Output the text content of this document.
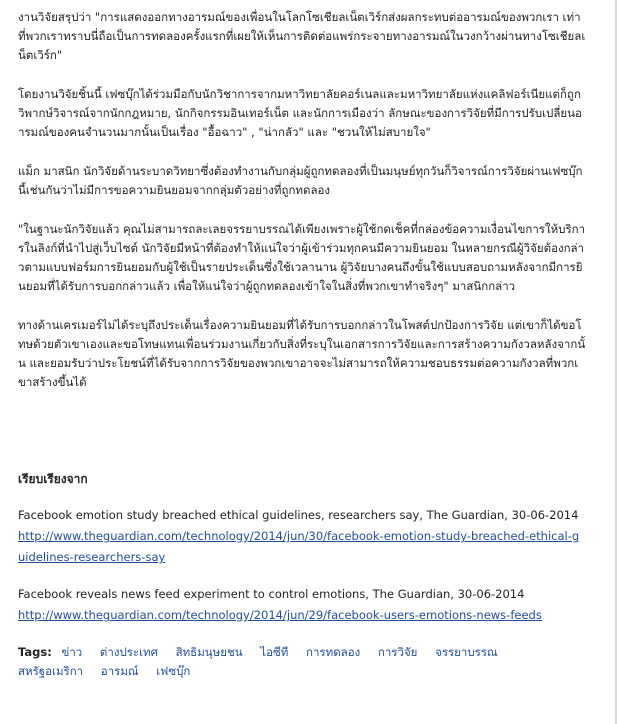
งานวิจัยสรุปว่า "การแสดงออกทางอารมณ์ของเพื่อนในโลกโซเชียลเน็ตเวิร์กส่งผลกระทบต่ออารมณ์ของพวกเรา เท่าที่พวกเราทราบนี่ถือเป็นการทดลองครั้งแรกที่เผยให้เห็นการติดต่อแพร่กระจายทางอารมณ์ในวงกว้างผ่านทางโซเชียลเน็ตเวิร์ก"

โดยงานวิจัยชิ้นนี้ เฟซบุ๊กได้ร่วมมือกับนักวิชาการจากมหาวิทยาลัยคอร์เนลและมหาวิทยาลัยแห่งแคลิฟอร์เนียแต่ก็ถูกวิพากษ์วิจารณ์จากนักกฎหมาย, นักกิจกรรมอินเทอร์เน็ต และนักการเมืองว่า ลักษณะของการวิจัยที่มีการปรับเปลี่ยนอารมณ์ของคนจำนวนมากนั้นเป็นเรื่อง "อื้อฉาว" , "น่ากลัว" และ "ชวนให้ไม่สบายใจ"

แม็ก มาสนิก นักวิจัยด้านระบาดวิทยาซึ่งต้องทำงานกับกลุ่มผู้ถูกทดลองที่เป็นมนุษย์ทุกวันก็วิจารณ์การวิจัยผ่านเฟซบุ๊กนี้เช่นกันว่าไม่มีการขอความยินยอมจากกลุ่มตัวอย่างที่ถูกทดลอง

"ในฐานะนักวิจัยแล้ว คุณไม่สามารถละเลยจรรยาบรรณได้เพียงเพราะผู้ใช้กดเช็คที่กล่องข้อความเงื่อนไขการให้บริการในลิงก์ที่นำไปสู่เว็บไซต์ นักวิจัยมีหน้าที่ต้องทำให้แน่ใจว่าผู้เข้าร่วมทุกคนมีความยินยอม ในหลายกรณีผู้วิจัยต้องกล่าวตามแบบฟอร์มการยินยอมกับผู้ใช้เป็นรายประเด็นซึ่งใช้เวลานาน ผู้วิจัยบางคนถึงขั้นใช้แบบสอบถามหลังจากมีการยินยอมที่ได้รับการบอกกล่าวแล้ว เพื่อให้แน่ใจว่าผู้ถูกทดลองเข้าใจในสิ่งที่พวกเขาทำจริงๆ" มาสนิกกล่าว

ทางด้านเครเมอร์ไม่ได้ระบุถึงประเด็นเรื่องความยินยอมที่ได้รับการบอกกล่าวในโพสต์ปกป้องการวิจัย แต่เขาก็ได้ขอโทษด้วยตัวเขาเองและขอโทษแทนเพื่อนร่วมงานเกี่ยวกับสิ่งที่ระบุในเอกสารการวิจัยและการสร้างความกังวลหลังจากนั้น และยอมรับว่าประโยชน์ที่ได้รับจากการวิจัยของพวกเขาอาจจะไม่สามารถให้ความชอบธรรมต่อความกังวลที่พวกเขาสร้างขึ้นได้

เรียบเรียงจาก
Facebook emotion study breached ethical guidelines, researchers say, The Guardian, 30-06-2014
http://www.theguardian.com/technology/2014/jun/30/facebook-emotion-study-breached-ethical-guidelines-researchers-say
Facebook reveals news feed experiment to control emotions, The Guardian, 30-06-2014
http://www.theguardian.com/technology/2014/jun/29/facebook-users-emotions-news-feeds
Tags: ข่าว ต่างประเทศ สิทธิมนุษยชน ไอซีที การทดลอง การวิจัย จรรยาบรรณ สหรัฐอเมริกา อารมณ์ เฟซบุ๊ก
